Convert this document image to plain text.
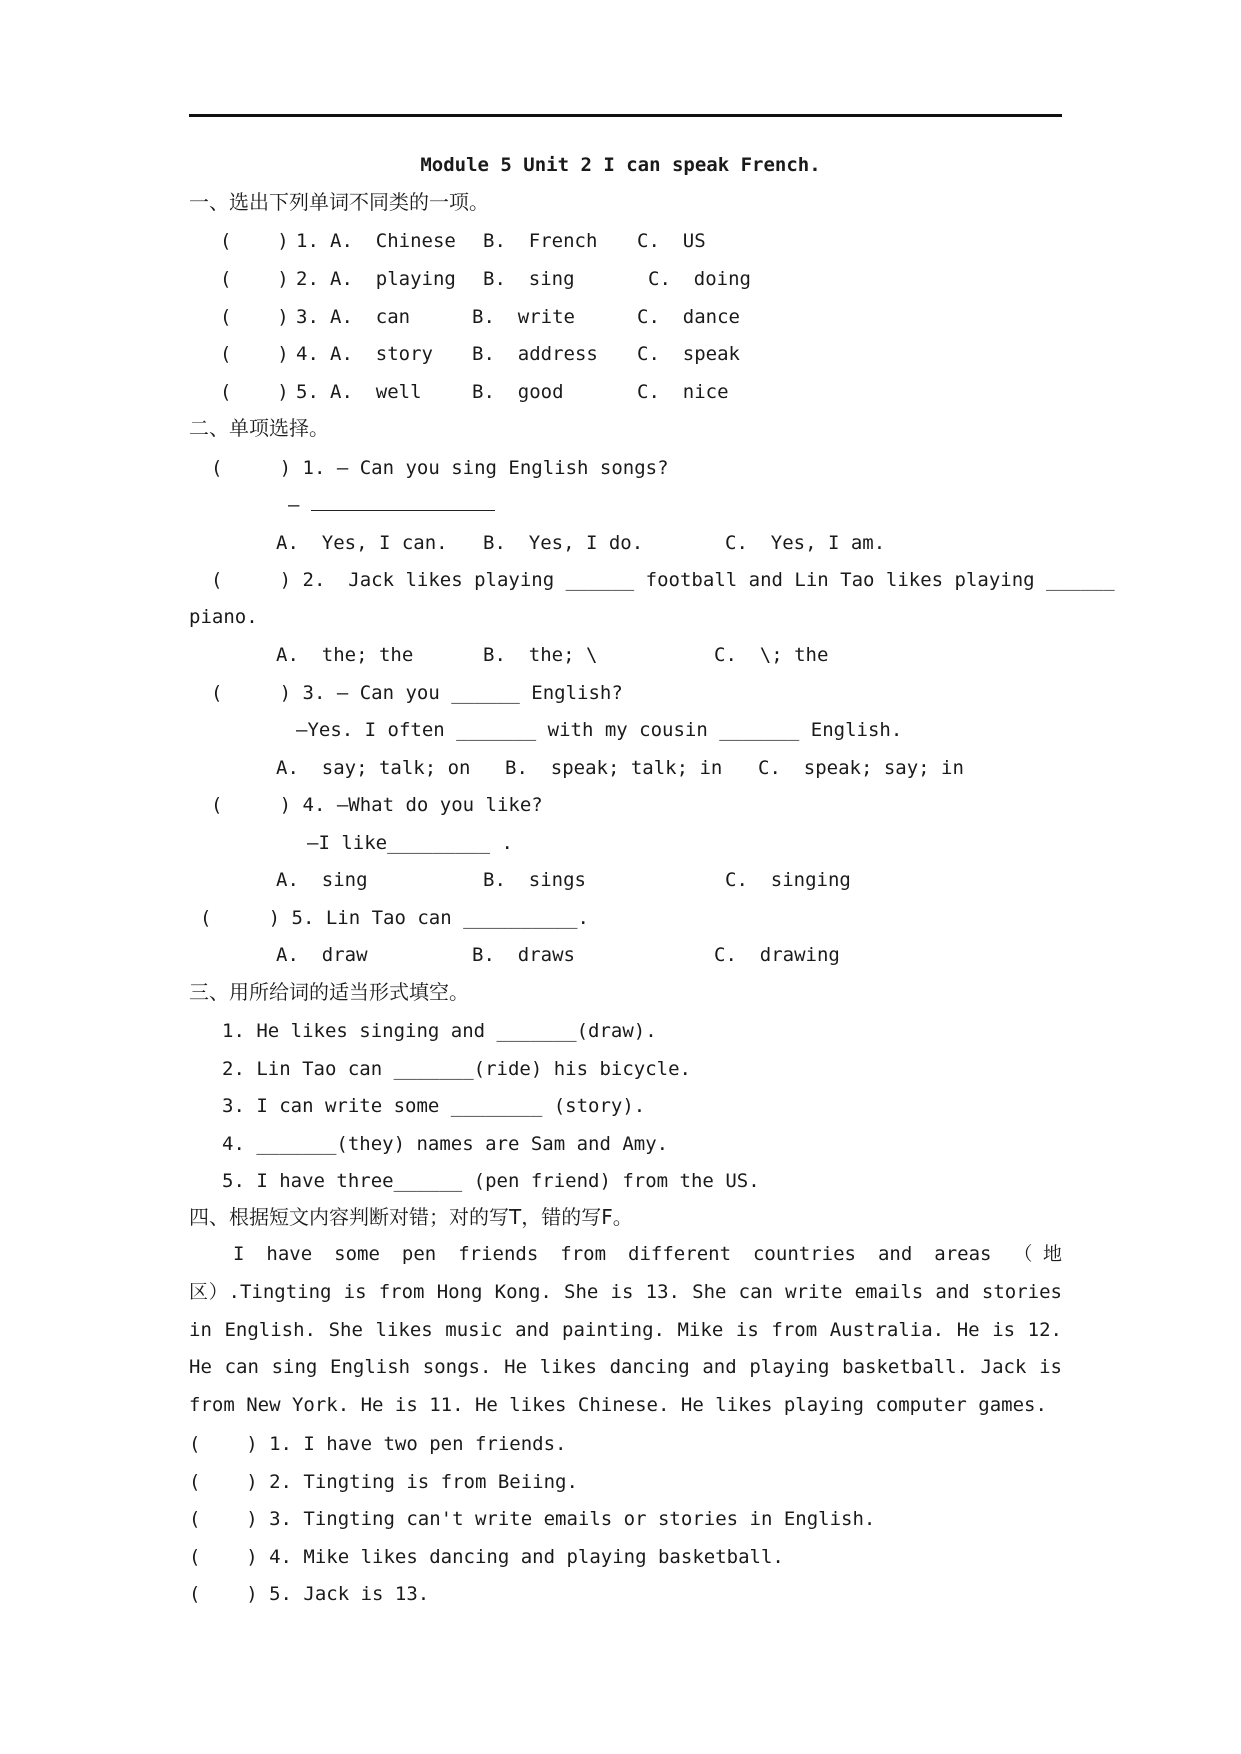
Module 5 Unit 2 I can speak French.
一、选出下列单词不同类的一项。
(    ) 1. A.  Chinese B.  French C.  US
(    ) 2. A.  playing B.  sing	C.  doing
(    ) 3. A.  can	B.  write	C.  dance
(    ) 4. A.  story B.  address C.  speak
(    ) 5. A.  well	B.  good	C.  nice
二、单项选择。
(     ) 1. — Can you sing English songs?
—
A.  Yes, I can. B.  Yes, I do.	C.  Yes, I am.
(     ) 2.  Jack likes playing ______ football and Lin Tao likes playing ______
piano.
A.  the; the	B.  the; \	C.  \; the
(     ) 3. — Can you ______ English?
—Yes. I often _______ with my cousin _______ English.
A.  say; talk; on B.  speak; talk; in C.  speak; say; in
(     ) 4. —What do you like?
—I like_________ .
A.  sing	B.  sings	C.  singing
(     ) 5. Lin Tao can __________.
A.  draw	B.  draws	C.  drawing
三、用所给词的适当形式填空。
1. He likes singing and _______(draw).
2. Lin Tao can _______(ride) his bicycle.
3. I can write some ________ (story).
4. _______(they) names are Sam and Amy.
5. I have three______ (pen friend) from the US.
四、根据短文内容判断对错；对的写T，错的写F。
I have some pen friends from different countries and areas （地区）.Tingting is from Hong Kong. She is 13. She can write emails and stories in English. She likes music and painting. Mike is from Australia. He is 12. He can sing English songs. He likes dancing and playing basketball. Jack is from New York. He is 11. He likes Chinese. He likes playing computer games.
(    ) 1. I have two pen friends.
(    ) 2. Tingting is from Beiing.
(    ) 3. Tingting can't write emails or stories in English.
(    ) 4. Mike likes dancing and playing basketball.
(    ) 5. Jack is 13.
